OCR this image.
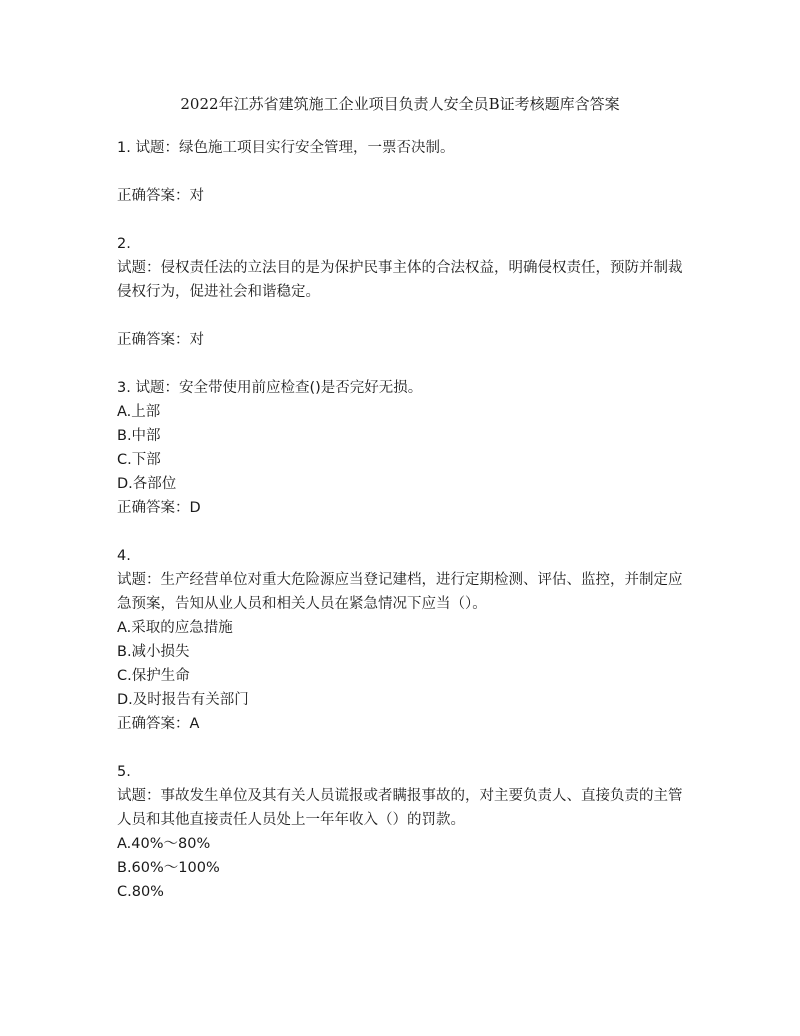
2022年江苏省建筑施工企业项目负责人安全员B证考核题库含答案
1. 试题：绿色施工项目实行安全管理，一票否决制。
正确答案：对
2.
试题：侵权责任法的立法目的是为保护民事主体的合法权益，明确侵权责任，预防并制裁
侵权行为，促进社会和谐稳定。
正确答案：对
3. 试题：安全带使用前应检查()是否完好无损。
A.上部
B.中部
C.下部
D.各部位
正确答案：D
4.
试题：生产经营单位对重大危险源应当登记建档，进行定期检测、评估、监控，并制定应
急预案，告知从业人员和相关人员在紧急情况下应当（）。
A.采取的应急措施
B.减小损失
C.保护生命
D.及时报告有关部门
正确答案：A
5.
试题：事故发生单位及其有关人员谎报或者瞒报事故的，对主要负责人、直接负责的主管
人员和其他直接责任人员处上一年年收入（）的罚款。
A.40%～80%
B.60%～100%
C.80%
